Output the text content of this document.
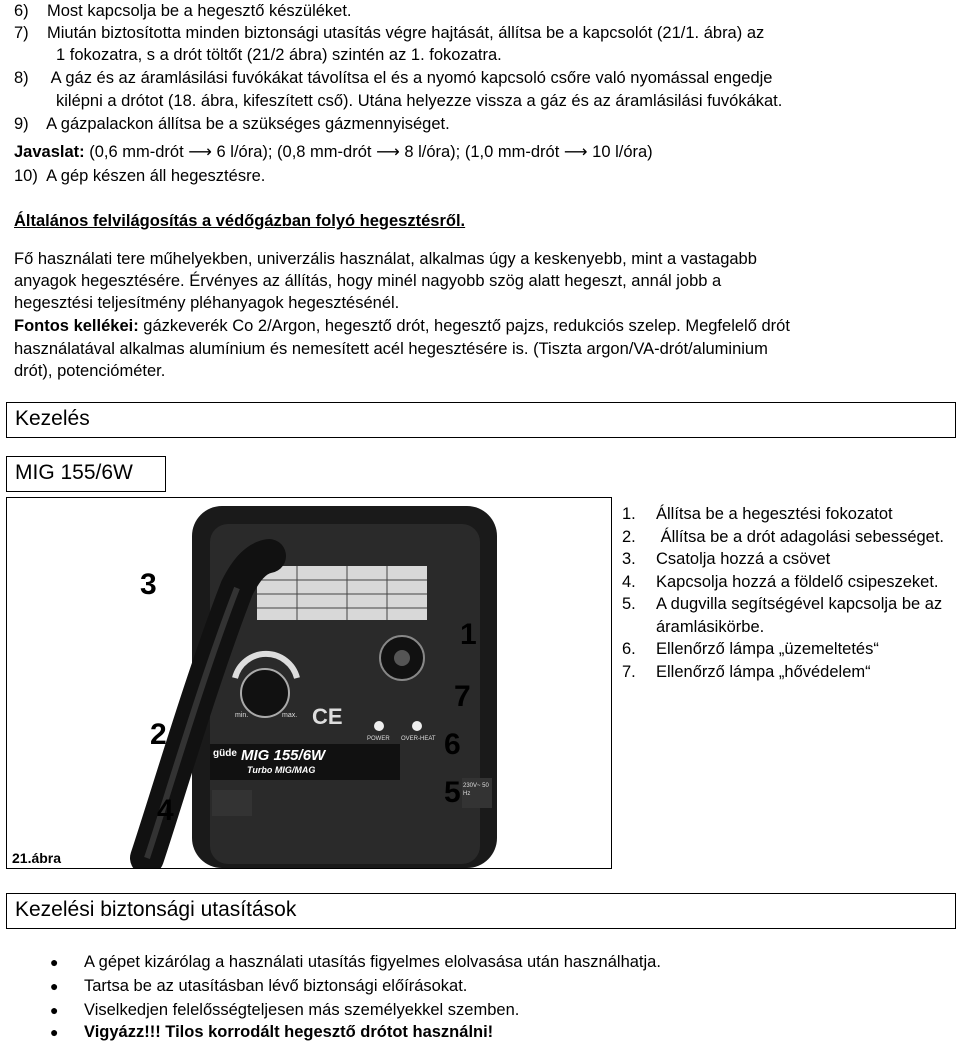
6)    Most kapcsolja be a hegesztő készüléket.
7)    Miután biztosította minden biztonsági utasítás végre hajtását, állítsa be a kapcsolót (21/1. ábra) az
1 fokozatra, s a drót töltőt (21/2 ábra) szintén az 1. fokozatra.
8)     A gáz és az áramlásilási fuvókákat távolítsa el és a nyomó kapcsoló csőre való nyomással engedje
kilépni a drótot (18. ábra, kifeszített cső). Utána helyezze vissza a gáz és az áramlásilási fuvókákat.
9)    A gázpalackon állítsa be a szükséges gázmennyiséget.
Javaslat: (0,6 mm-drót ⟶ 6 l/óra); (0,8 mm-drót ⟶ 8 l/óra); (1,0 mm-drót ⟶ 10 l/óra)
10)  A gép készen áll hegesztésre.
Általános felvilágosítás a védőgázban folyó hegesztésről.
Fő használati tere műhelyekben, univerzális használat, alkalmas úgy a keskenyebb, mint a vastagabb
anyagok hegesztésére. Érvényes az állítás, hogy minél nagyobb szög alatt hegeszt, annál jobb a
hegesztési teljesítmény pléhanyagok hegesztésénél.
Fontos kellékei: gázkeverék Co 2/Argon, hegesztő drót, hegesztő pajzs, redukciós szelep. Megfelelő drót
használatával alkalmas alumínium és nemesített acél hegesztésére is. (Tiszta argon/VA-drót/aluminium
drót), potencióméter.
Kezelés
MIG 155/6W
CE
min.	max.
POWER OVER-HEAT
güde MIG 155/6W
Turbo MIG/MAG
230V~ 50 Hz
3
2
4
1
7
6
5
21.ábra
1.	Állítsa be a hegesztési fokozatot
2.	Állítsa be a drót adagolási sebességet.
3.	Csatolja hozzá a csövet
4.	Kapcsolja hozzá a földelő csipeszeket.
5.	A dugvilla segítségével kapcsolja be az áramlásikörbe.
6.	Ellenőrző lámpa „üzemeltetés“
7.	Ellenőrző lámpa „hővédelem“
Kezelési biztonsági utasítások
● A gépet kizárólag a használati utasítás figyelmes elolvasása után használhatja.
● Tartsa be az utasításban lévő biztonsági előírásokat.
● Viselkedjen felelősségteljesen más személyekkel szemben.
● Vigyázz!!! Tilos korrodált hegesztő drótot használni!
